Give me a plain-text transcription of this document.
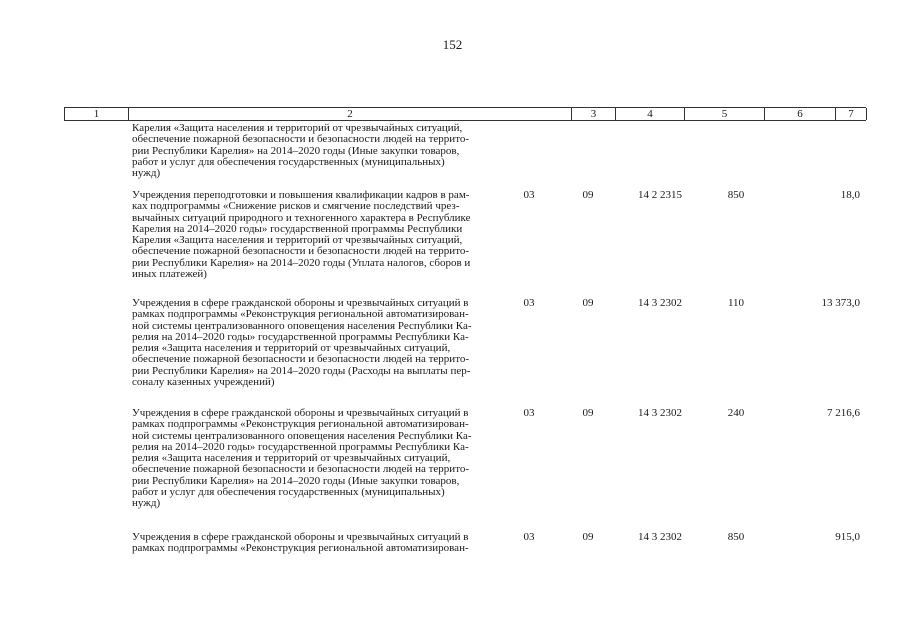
152
1	2	3	4	5	6	7
Карелия «Защита населения и территорий от чрезвычайных ситуаций,
обеспечение пожарной безопасности и безопасности людей на террито-
рии Республики Карелия» на 2014–2020 годы (Иные закупки товаров,
работ и услуг для обеспечения государственных (муниципальных)
нужд)
Учреждения переподготовки и повышения квалификации кадров в рам-
ках подпрограммы «Снижение рисков и смягчение последствий чрез-
вычайных ситуаций природного и техногенного характера в Республике
Карелия на 2014–2020 годы» государственной программы Республики
Карелия «Защита населения и территорий от чрезвычайных ситуаций,
обеспечение пожарной безопасности и безопасности людей на террито-
рии Республики Карелия» на 2014–2020 годы (Уплата налогов, сборов и
иных платежей)
03	09	14 2 2315	850	18,0
Учреждения в сфере гражданской обороны и чрезвычайных ситуаций в
рамках подпрограммы «Реконструкция региональной автоматизирован-
ной системы централизованного оповещения населения Республики Ка-
релия на 2014–2020 годы» государственной программы Республики Ка-
релия «Защита населения и территорий от чрезвычайных ситуаций,
обеспечение пожарной безопасности и безопасности людей на террито-
рии Республики Карелия» на 2014–2020 годы (Расходы на выплаты пер-
соналу казенных учреждений)
03	09	14 3 2302	110	13 373,0
Учреждения в сфере гражданской обороны и чрезвычайных ситуаций в
рамках подпрограммы «Реконструкция региональной автоматизирован-
ной системы централизованного оповещения населения Республики Ка-
релия на 2014–2020 годы» государственной программы Республики Ка-
релия «Защита населения и территорий от чрезвычайных ситуаций,
обеспечение пожарной безопасности и безопасности людей на террито-
рии Республики Карелия» на 2014–2020 годы (Иные закупки товаров,
работ и услуг для обеспечения государственных (муниципальных)
нужд)
03	09	14 3 2302	240	7 216,6
Учреждения в сфере гражданской обороны и чрезвычайных ситуаций в
рамках подпрограммы «Реконструкция региональной автоматизирован-
03	09	14 3 2302	850	915,0
